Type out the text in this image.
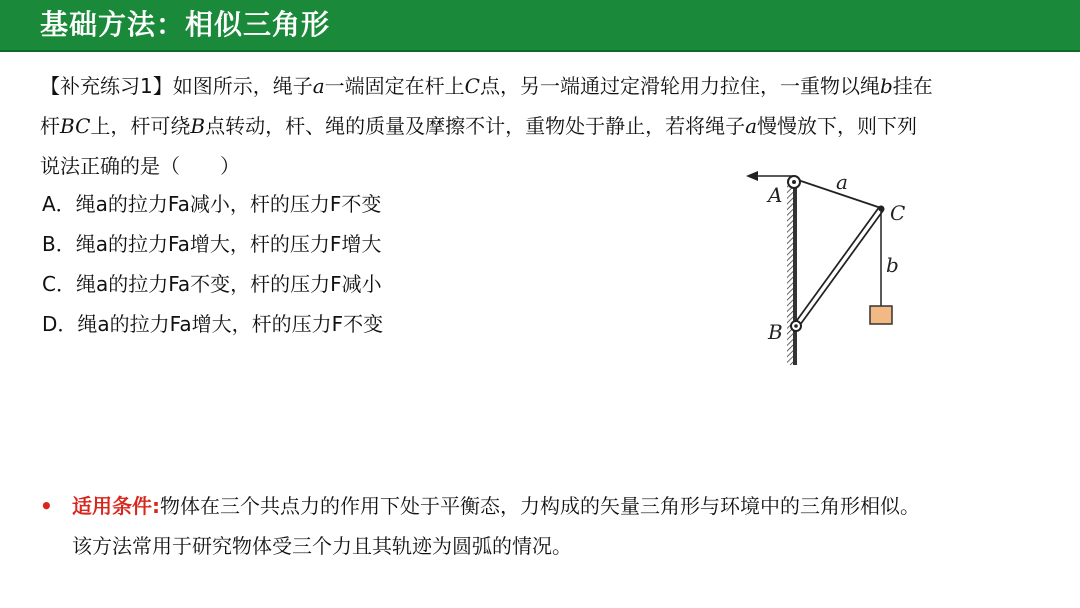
基础方法：相似三角形
【补充练习1】如图所示，绳子a一端固定在杆上C点，另一端通过定滑轮用力拉住，一重物以绳b挂在
杆BC上，杆可绕B点转动，杆、绳的质量及摩擦不计，重物处于静止，若将绳子a慢慢放下，则下列
说法正确的是（　　）
A．绳a的拉力Fa减小，杆的压力F不变
B．绳a的拉力Fa增大，杆的压力F增大
C．绳a的拉力Fa不变，杆的压力F减小
D．绳a的拉力Fa增大，杆的压力F不变
A
a
C
b
B
• 适用条件:物体在三个共点力的作用下处于平衡态，力构成的矢量三角形与环境中的三角形相似。
该方法常用于研究物体受三个力且其轨迹为圆弧的情况。
